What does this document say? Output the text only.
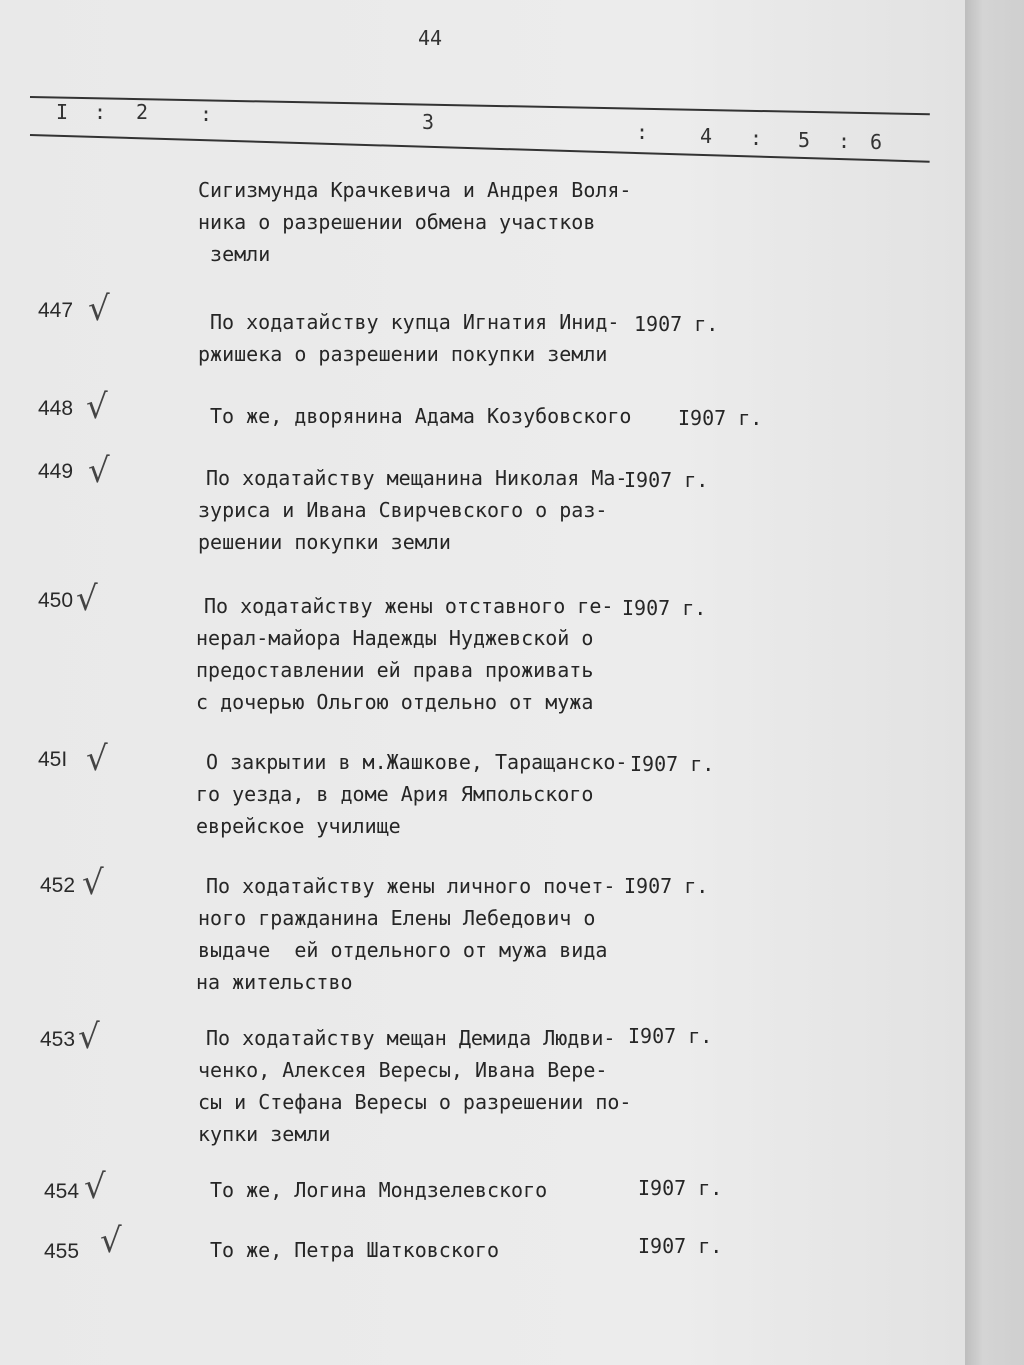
44
I : 2	:	3	:	4 : 5 : 6
Сигизмунда Крачкевича и Андрея Воля-
ника о разрешении обмена участков
земли
447 √	По ходатайству купца Игнатия Инид-
ржишека о разрешении покупки земли
1907 г.
448 √	То же, дворянина Адама Козубовского I907 г.
449 √	По ходатайству мещанина Николая Ма-
зуриса и Ивана Свирчевского о раз-
решении покупки земли
I907 г.
450 √	По ходатайству жены отставного ге-
нерал-майора Надежды Нуджевской о
предоставлении ей права проживать
с дочерью Ольгою отдельно от мужа
I907 г.
45I √	О закрытии в м.Жашкове, Таращанско-
го уезда, в доме Ария Ямпольского
еврейское училище
I907 г.
452 √	По ходатайству жены личного почет-
ного гражданина Елены Лебедович о
выдаче  ей отдельного от мужа вида
на жительство
I907 г.
453 √	По ходатайству мещан Демида Людви-
ченко, Алексея Вересы, Ивана Вере-
сы и Стефана Вересы о разрешении по-
купки земли
I907 г.
454 √	То же, Логина Мондзелевского	I907 г.
455 √	То же, Петра Шатковского	I907 г.
